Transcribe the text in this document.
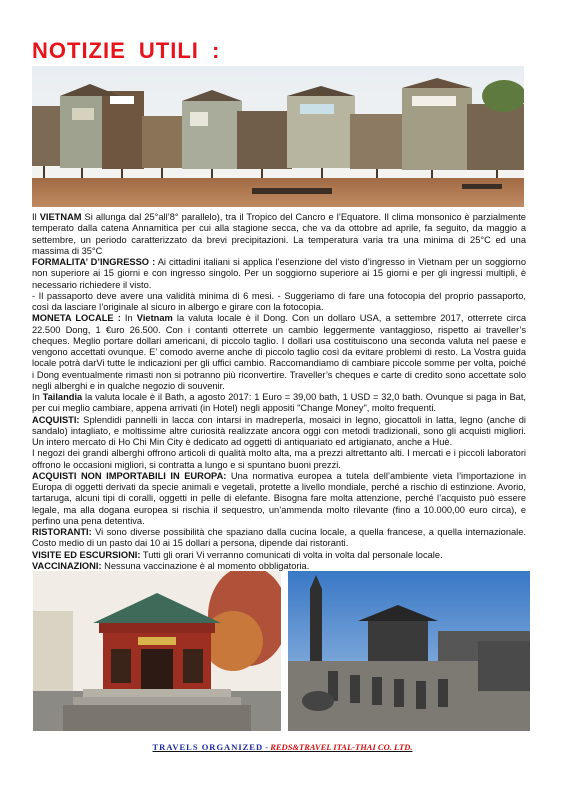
NOTIZIE UTILI :

Il VIETNAM Si allunga dal 25°all’8° parallelo), tra il Tropico del Cancro e l’Equatore. Il clima monsonico è parzialmente temperato dalla catena Annamitica per cui alla stagione secca, che va da ottobre ad aprile, fa seguito, da maggio a settembre, un periodo caratterizzato da brevi precipitazioni. La temperatura varia tra una minima di 25°C ed una massima di 35°C

FORMALITA’ D’INGRESSO : Ai cittadini italiani si applica l’esenzione del visto d’ingresso in Vietnam per un soggiorno non superiore ai 15 giorni e con ingresso singolo. Per un soggiorno superiore ai 15 giorni e per gli ingressi multipli, è necessario richiedere il visto.

- Il passaporto deve avere una validità minima di 6 mesi. - Suggeriamo di fare una fotocopia del proprio passaporto, così da lasciare l’originale al sicuro in albergo e girare con la fotocopia.

MONETA LOCALE : In Vietnam la valuta locale è il Dong. Con un dollaro USA, a settembre 2017, otterrete circa 22.500 Dong, 1 €uro 26.500. Con i contanti otterrete un cambio leggermente vantaggioso, rispetto ai traveller’s cheques. Meglio portare dollari americani, di piccolo taglio. I dollari usa costituiscono una seconda valuta nel paese e vengono accettati ovunque. E’ comodo averne anche di piccolo taglio così da evitare problemi di resto. La Vostra guida locale potrà darVi tutte le indicazioni per gli uffici cambio. Raccomandiamo di cambiare piccole somme per volta, poiché i Dong eventualmente rimasti non si potranno più riconvertire. Traveller’s cheques e carte di credito sono accettate solo negli alberghi e in qualche negozio di souvenir.

In Tailandia la valuta locale è il Bath, a agosto 2017: 1 Euro = 39,00 bath, 1 USD = 32,0 bath. Ovunque si paga in Bat, per cui meglio cambiare, appena arrivati (in Hotel) negli appositi "Change Money", molto frequenti.

ACQUISTI: Splendidi pannelli in lacca con intarsi in madreperla, mosaici in legno, giocattoli in latta, legno (anche di sandalo) intagliato, e moltissime altre curiosità realizzate ancora oggi con metodi tradizionali, sono gli acquisti migliori. Un intero mercato di Ho Chi Min City è dedicato ad oggetti di antiquariato ed artigianato, anche a Huè.

I negozi dei grandi alberghi offrono articoli di qualità molto alta, ma a prezzi altrettanto alti. I mercati e i piccoli laboratori offrono le occasioni migliori, si contratta a lungo e si spuntano buoni prezzi.

ACQUISTI NON IMPORTABILI IN EUROPA: Una normativa europea a tutela dell’ambiente vieta l’importazione in Europa di oggetti derivati da specie animali e vegetali, protette a livello mondiale, perché a rischio di estinzione. Avorio, tartaruga, alcuni tipi di coralli, oggetti in pelle di elefante. Bisogna fare molta attenzione, perché l’acquisto può essere legale, ma alla dogana europea si rischia il sequestro, un’ammenda molto rilevante (fino a 10.000,00 euro circa), e perfino una pena detentiva.

RISTORANTI: Vi sono diverse possibilità che spaziano dalla cucina locale, a quella francese, a quella internazionale. Costo medio di un pasto dai 10 ai 15 dollari a persona, dipende dai ristoranti.

VISITE ED ESCURSIONI: Tutti gli orari Vi verranno comunicati di volta in volta dal personale locale.

VACCINAZIONI: Nessuna vaccinazione è al momento obbligatoria.

TRAVELS ORGANIZED - REDS&TRAVEL ITAL-THAI CO. LTD.
